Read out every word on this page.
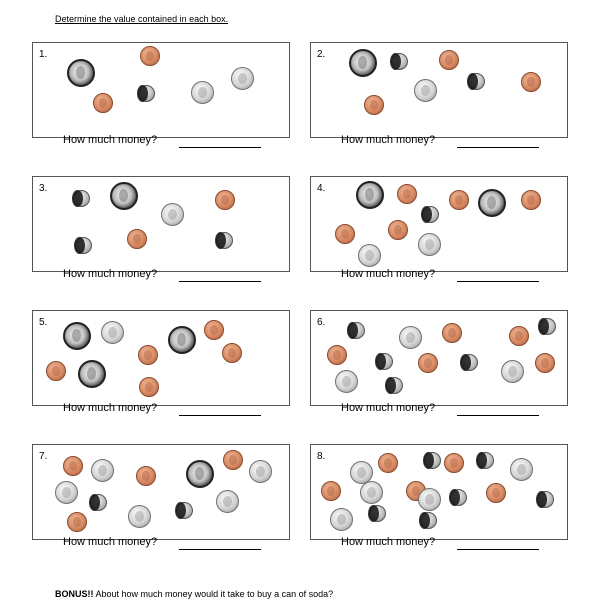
Determine the value contained in each box.

1.
How much money?
2.
How much money?
3.
How much money?
4.
How much money?
5.
How much money?
6.
How much money?
7.
How much money?
8.
How much money?
BONUS!! About how much money would it take to buy a can of soda?
